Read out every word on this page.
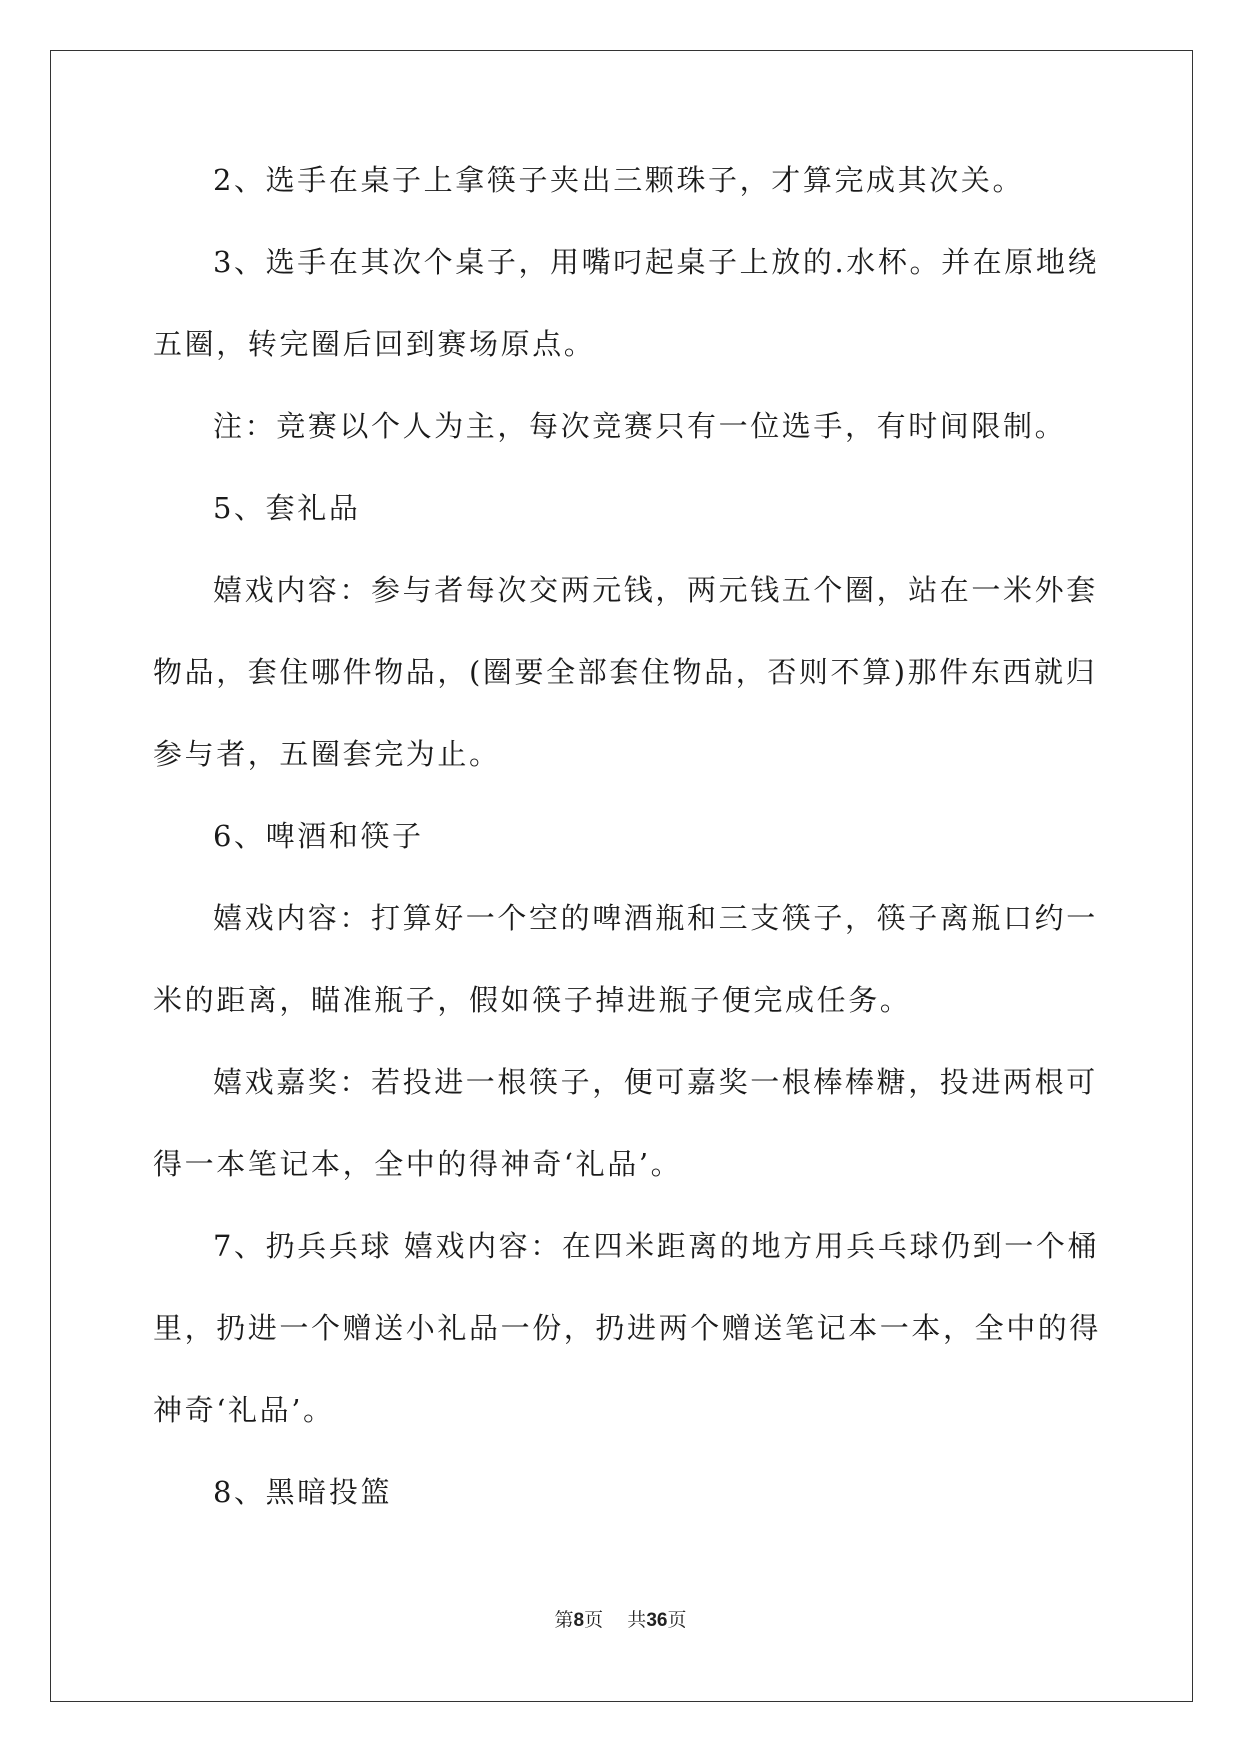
2、选手在桌子上拿筷子夹出三颗珠子，才算完成其次关。

3、选手在其次个桌子，用嘴叼起桌子上放的.水杯。并在原地绕

五圈，转完圈后回到赛场原点。

注：竞赛以个人为主，每次竞赛只有一位选手，有时间限制。

5、套礼品

嬉戏内容：参与者每次交两元钱，两元钱五个圈，站在一米外套

物品，套住哪件物品，(圈要全部套住物品，否则不算)那件东西就归

参与者，五圈套完为止。

6、啤酒和筷子

嬉戏内容：打算好一个空的啤酒瓶和三支筷子，筷子离瓶口约一

米的距离，瞄准瓶子，假如筷子掉进瓶子便完成任务。

嬉戏嘉奖：若投进一根筷子，便可嘉奖一根棒棒糖，投进两根可

得一本笔记本，全中的得神奇‘礼品’。

7、扔兵兵球 嬉戏内容：在四米距离的地方用兵乓球仍到一个桶

里，扔进一个赠送小礼品一份，扔进两个赠送笔记本一本，全中的得

神奇‘礼品’。

8、黑暗投篮

第8页 共36页
